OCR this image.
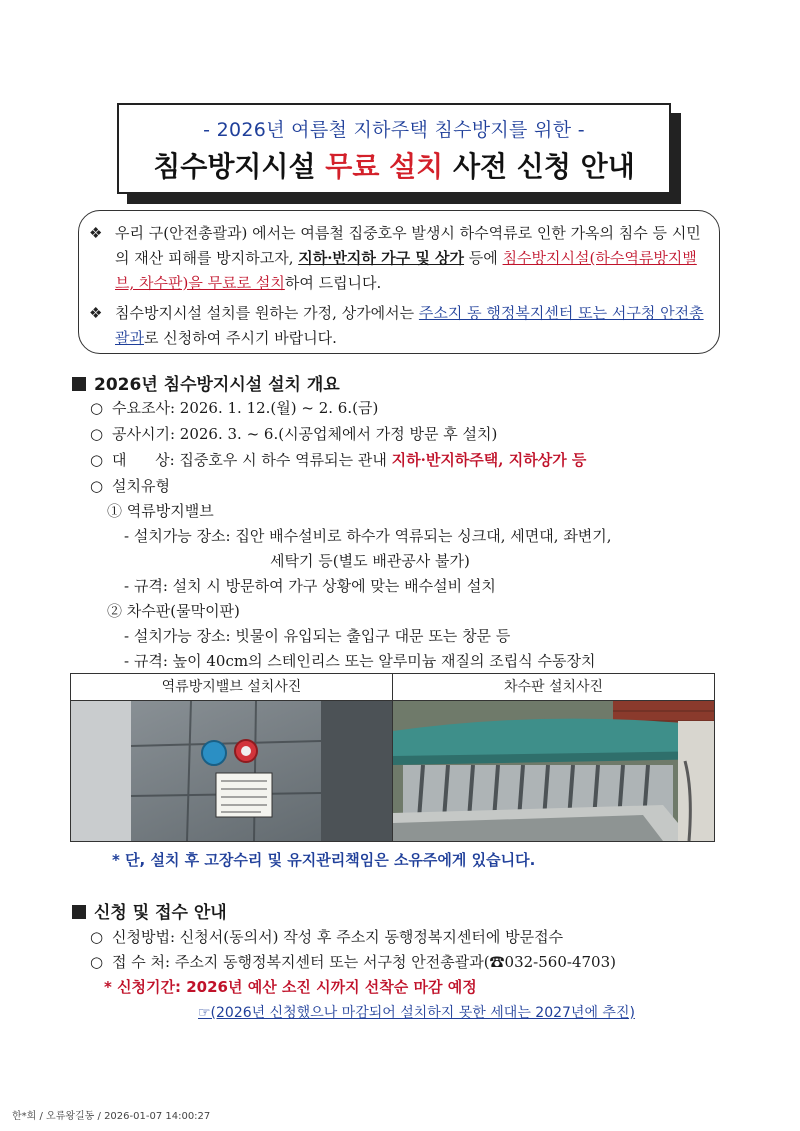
- 2026년 여름철 지하주택 침수방지를 위한 -
침수방지시설 무료 설치 사전 신청 안내
❖ 우리 구(안전총괄과) 에서는 여름철 집중호우 발생시 하수역류로 인한 가옥의 침수 등 시민의 재산 피해를 방지하고자, 지하·반지하 가구 및 상가 등에 침수방지시설(하수역류방지밸브, 차수판)을 무료로 설치하여 드립니다.
❖ 침수방지시설 설치를 원하는 가정, 상가에서는 주소지 동 행정복지센터 또는 서구청 안전총괄과로 신청하여 주시기 바랍니다.
2026년 침수방지시설 설치 개요
○ 수요조사: 2026. 1. 12.(월) ~ 2. 6.(금)
○ 공사시기: 2026. 3. ~ 6.(시공업체에서 가정 방문 후 설치)
○ 대      상: 집중호우 시 하수 역류되는 관내 지하·반지하주택, 지하상가 등
○ 설치유형
① 역류방지밸브
- 설치가능 장소: 집안 배수설비로 하수가 역류되는 싱크대, 세면대, 좌변기,
세탁기 등(별도 배관공사 불가)
- 규격: 설치 시 방문하여 가구 상황에 맞는 배수설비 설치
② 차수판(물막이판)
- 설치가능 장소: 빗물이 유입되는 출입구 대문 또는 창문 등
- 규격: 높이 40cm의 스테인리스 또는 알루미늄 재질의 조립식 수동장치
역류방지밸브 설치사진	차수판 설치사진
* 단, 설치 후 고장수리 및 유지관리책임은 소유주에게 있습니다.
신청 및 접수 안내
○ 신청방법: 신청서(동의서) 작성 후 주소지 동행정복지센터에 방문접수
○ 접 수 처: 주소지 동행정복지센터 또는 서구청 안전총괄과(☎032-560-4703)
* 신청기간: 2026년 예산 소진 시까지 선착순 마감 예정
☞(2026년 신청했으나 마감되어 설치하지 못한 세대는 2027년에 추진)
한*희 / 오류왕길동 / 2026-01-07 14:00:27
